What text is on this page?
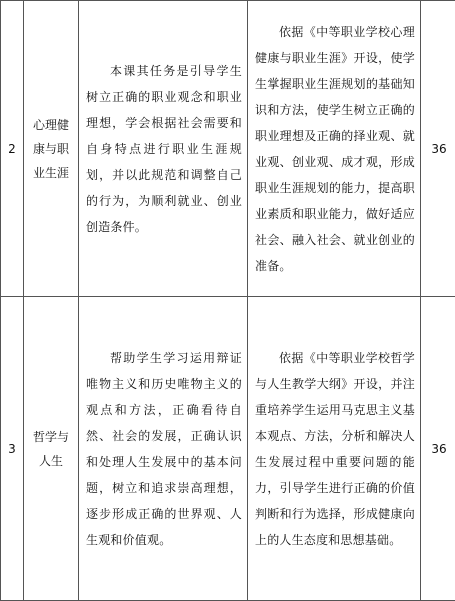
2	心理健康与职业生涯	本课其任务是引导学生树立正确的职业观念和职业理想，学会根据社会需要和自身特点进行职业生涯规划，并以此规范和调整自己的行为，为顺利就业、创业创造条件。	依据《中等职业学校心理健康与职业生涯》开设，使学生掌握职业生涯规划的基础知识和方法，使学生树立正确的职业理想及正确的择业观、就业观、创业观、成才观，形成职业生涯规划的能力，提高职业素质和职业能力，做好适应社会、融入社会、就业创业的准备。	36
3	哲学与人生	帮助学生学习运用辩证唯物主义和历史唯物主义的观点和方法，正确看待自然、社会的发展，正确认识和处理人生发展中的基本问题，树立和追求崇高理想，逐步形成正确的世界观、人生观和价值观。	依据《中等职业学校哲学与人生教学大纲》开设，并注重培养学生运用马克思主义基本观点、方法，分析和解决人生发展过程中重要问题的能力，引导学生进行正确的价值判断和行为选择，形成健康向上的人生态度和思想基础。	36
